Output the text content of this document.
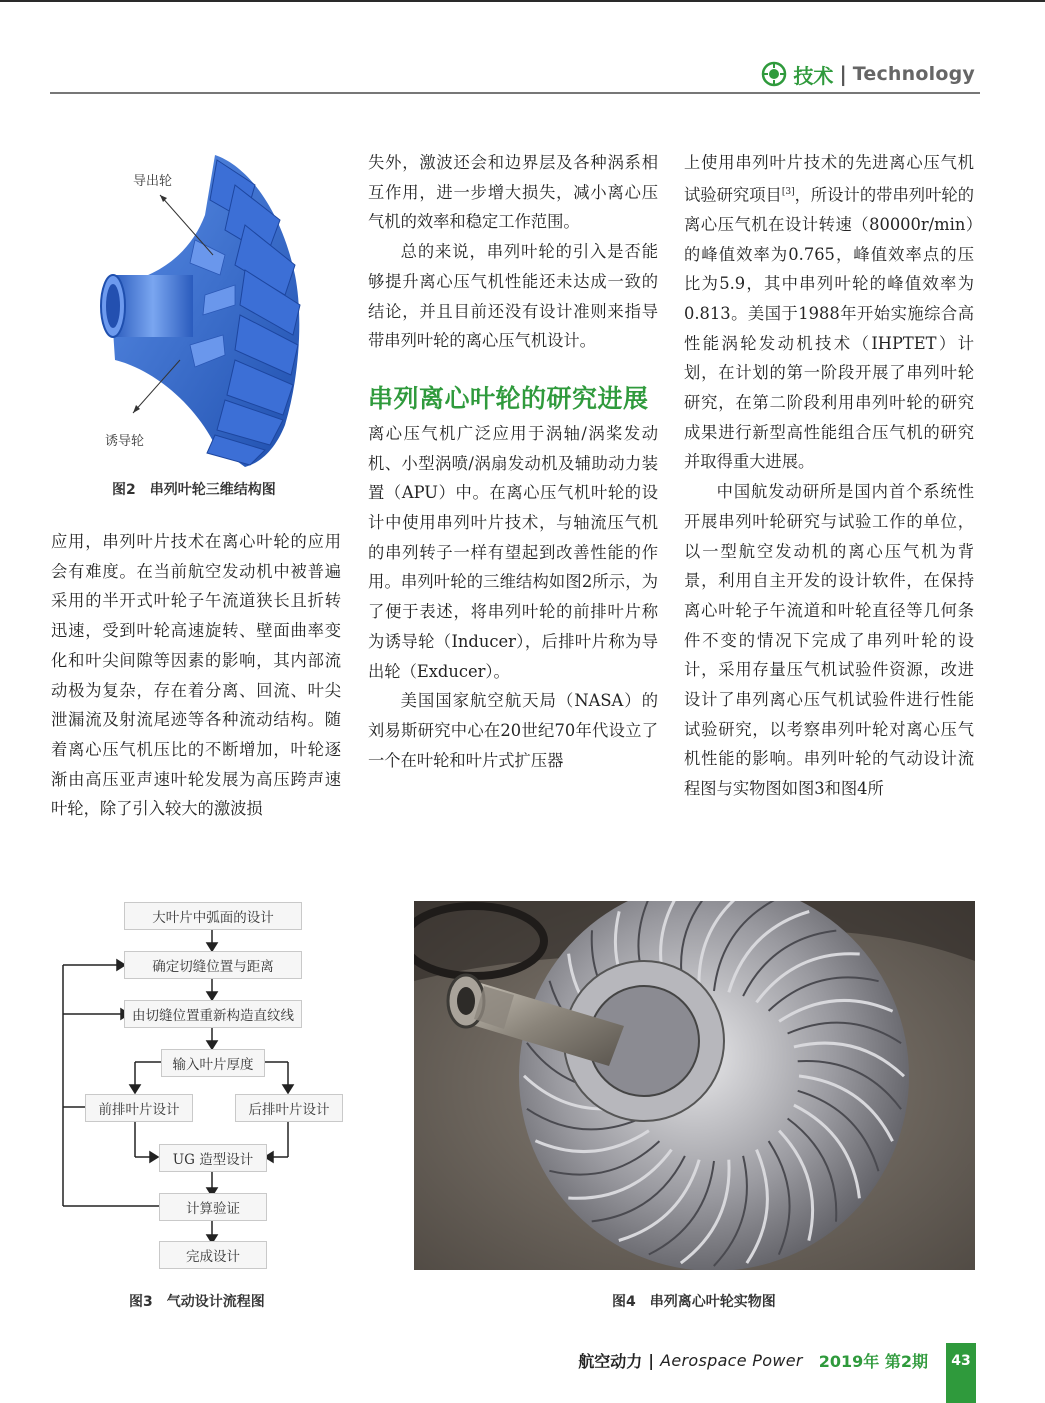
技术 | Technology
导出轮
诱导轮
图2　串列叶轮三维结构图

应用，串列叶片技术在离心叶轮的应用会有难度。在当前航空发动机中被普遍采用的半开式叶轮子午流道狭长且折转迅速，受到叶轮高速旋转、壁面曲率变化和叶尖间隙等因素的影响，其内部流动极为复杂，存在着分离、回流、叶尖泄漏流及射流尾迹等各种流动结构。随着离心压气机压比的不断增加，叶轮逐渐由高压亚声速叶轮发展为高压跨声速叶轮，除了引入较大的激波损

失外，激波还会和边界层及各种涡系相互作用，进一步增大损失，减小离心压气机的效率和稳定工作范围。

总的来说，串列叶轮的引入是否能够提升离心压气机性能还未达成一致的结论，并且目前还没有设计准则来指导带串列叶轮的离心压气机设计。

串列离心叶轮的研究进展

离心压气机广泛应用于涡轴/涡桨发动机、小型涡喷/涡扇发动机及辅助动力装置（APU）中。在离心压气机叶轮的设计中使用串列叶片技术，与轴流压气机的串列转子一样有望起到改善性能的作用。串列叶轮的三维结构如图2所示，为了便于表述，将串列叶轮的前排叶片称为诱导轮（Inducer），后排叶片称为导出轮（Exducer）。

美国国家航空航天局（NASA）的刘易斯研究中心在20世纪70年代设立了一个在叶轮和叶片式扩压器

上使用串列叶片技术的先进离心压气机试验研究项目[3]，所设计的带串列叶轮的离心压气机在设计转速（80000r/min）的峰值效率为0.765，峰值效率点的压比为5.9，其中串列叶轮的峰值效率为0.813。美国于1988年开始实施综合高性能涡轮发动机技术（IHPTET）计划，在计划的第一阶段开展了串列叶轮研究，在第二阶段利用串列叶轮的研究成果进行新型高性能组合压气机的研究并取得重大进展。

中国航发动研所是国内首个系统性开展串列叶轮研究与试验工作的单位，以一型航空发动机的离心压气机为背景，利用自主开发的设计软件，在保持离心叶轮子午流道和叶轮直径等几何条件不变的情况下完成了串列叶轮的设计，采用存量压气机试验件资源，改进设计了串列离心压气机试验件进行性能试验研究，以考察串列叶轮对离心压气机性能的影响。串列叶轮的气动设计流程图与实物图如图3和图4所

大叶片中弧面的设计
确定切缝位置与距离
由切缝位置重新构造直纹线
输入叶片厚度
前排叶片设计	后排叶片设计
UG 造型设计
计算验证
完成设计
图3　气动设计流程图	图4　串列离心叶轮实物图
航空动力 | Aerospace Power 2019年 第2期	43
